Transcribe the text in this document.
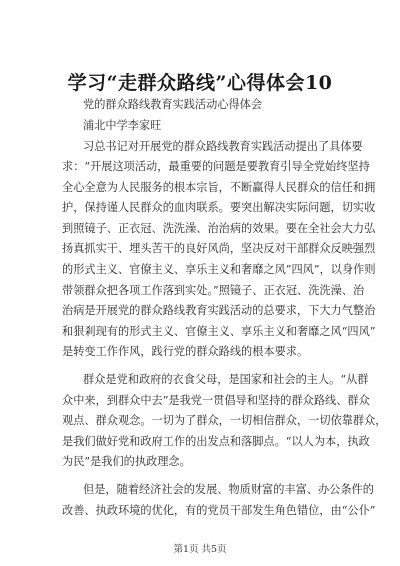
学习“走群众路线”心得体会10
党的群众路线教育实践活动心得体会
浦北中学李家旺
习总书记对开展党的群众路线教育实践活动提出了具体要
求：“开展这项活动，最重要的问题是要教育引导全党始终坚持
全心全意为人民服务的根本宗旨，不断赢得人民群众的信任和拥
护，保持谨人民群众的血肉联系。要突出解决实际问题，切实收
到照镜子、正衣冠、洗洗澡、治治病的效果。要在全社会大力弘
扬真抓实干、埋头苦干的良好风尚，坚决反对干部群众反映强烈
的形式主义、官僚主义、享乐主义和奢靡之风”四风”，以身作则
带领群众把各项工作落到实处。”照镜子、正衣冠、洗洗澡、治
治病是开展党的群众路线教育实践活动的总要求，下大力气整治
和狠剎现有的形式主义、官僚主义、享乐主义和奢靡之风“四风”
是转变工作作风，践行党的群众路线的根本要求。
群众是党和政府的衣食父母，是国家和社会的主人。“从群
众中来，到群众中去”是我党一贯倡导和坚持的群众路线、群众
观点、群众观念。一切为了群众，一切相信群众，一切依靠群众，
是我们做好党和政府工作的出发点和落脚点。“以人为本，执政
为民”是我们的执政理念。
但是，随着经济社会的发展、物质财富的丰富、办公条件的
改善、执政环境的优化，有的党员干部发生角色错位，由“公仆”
第1页 共5页
